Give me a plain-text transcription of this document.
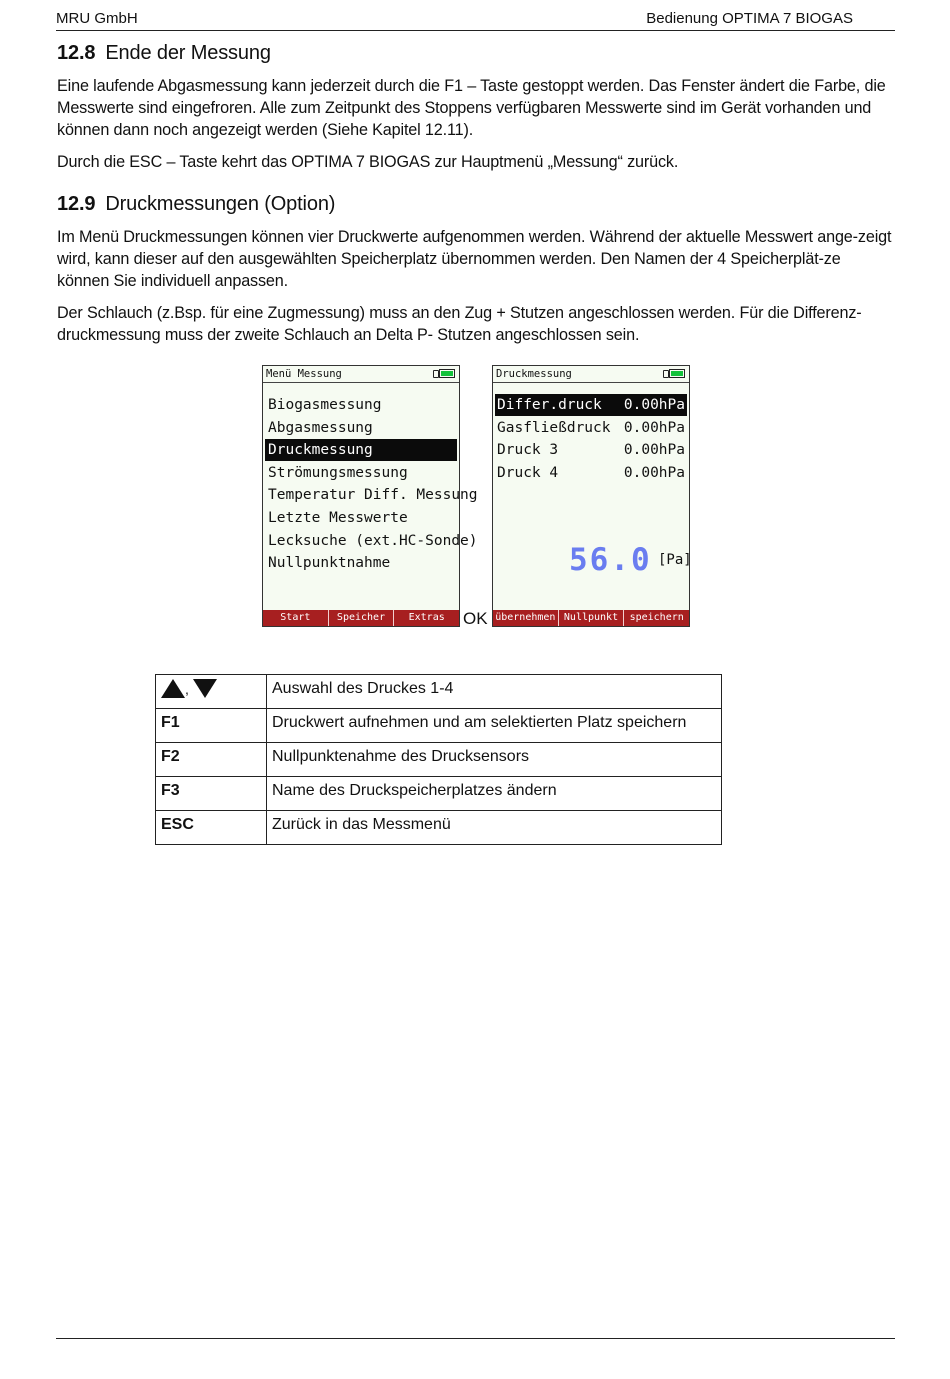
MRU GmbH	Bedienung OPTIMA 7 BIOGAS
12.8 Ende der Messung

Eine laufende Abgasmessung kann jederzeit durch die F1 – Taste gestoppt werden. Das Fenster ändert die Farbe, die Messwerte sind eingefroren. Alle zum Zeitpunkt des Stoppens verfügbaren Messwerte sind im Gerät vorhanden und können dann noch angezeigt werden (Siehe Kapitel 12.11).

Durch die ESC – Taste kehrt das OPTIMA 7 BIOGAS zur Hauptmenü „Messung“ zurück.

12.9 Druckmessungen (Option)

Im Menü Druckmessungen können vier Druckwerte aufgenommen werden. Während der aktuelle Messwert ange-zeigt wird, kann dieser auf den ausgewählten Speicherplatz übernommen werden. Den Namen der 4 Speicherplät-ze können Sie individuell anpassen.

Der Schlauch (z.Bsp. für eine Zugmessung) muss an den Zug + Stutzen angeschlossen werden. Für die Differenz-druckmessung muss der zweite Schlauch an Delta P- Stutzen angeschlossen sein.

Menü Messung
Biogasmessung
Abgasmessung
Druckmessung
Strömungsmessung
Temperatur Diff. Messung
Letzte Messwerte
Lecksuche (ext.HC-Sonde)
Nullpunktnahme
Start	Speicher	Extras	OK
Druckmessung
Differ.druck 0.00hPa
Gasfließdruck 0.00hPa
Druck 3	0.00hPa
Druck 4	0.00hPa
56.0 [Pa]
übernehmen Nullpunkt	speichern
,	Auswahl des Druckes 1-4
F1	Druckwert aufnehmen und am selektierten Platz speichern
F2	Nullpunktenahme des Drucksensors
F3	Name des Druckspeicherplatzes ändern
ESC	Zurück in das Messmenü
